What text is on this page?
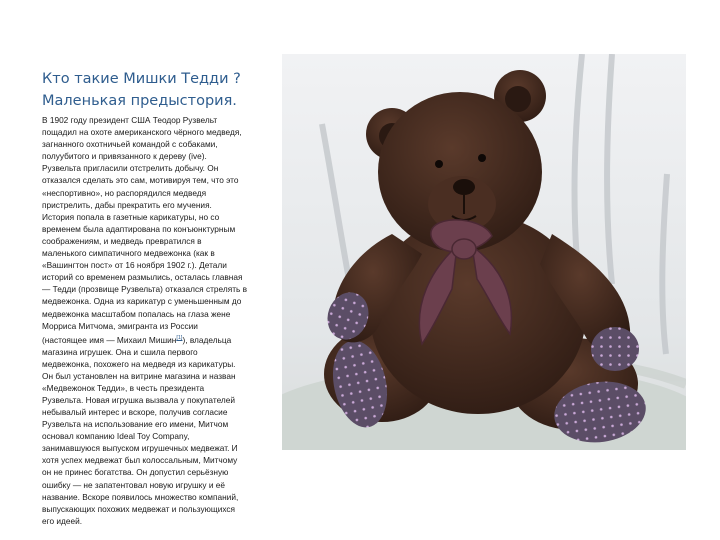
Кто такие Мишки Тедди ?
Маленькая предыстория.
В 1902 году президент США Теодор Рузвельт
пощадил на охоте американского чёрного медведя,
загнанного охотничьей командой с собаками,
полуубитого и привязанного к дереву (ive).
Рузвельта пригласили отстрелить добычу. Он
отказался сделать это сам, мотивируя тем, что это
«неспортивно», но распорядился медведя
пристрелить, дабы прекратить его мучения.
История попала в газетные карикатуры, но со
временем была адаптирована по конъюнктурным
соображениям, и медведь превратился в
маленького симпатичного медвежонка (как в
«Вашингтон пост» от 16 ноября 1902 г.). Детали
историй со временем размылись, осталась главная
— Тедди (прозвище Рузвельта) отказался стрелять в
медвежонка. Одна из карикатур с уменьшенным до
медвежонка масштабом попалась на глаза жене
Морриса Митчома, эмигранта из России
(настоящее имя — Михаил Мишин[1]), владельца
магазина игрушек. Она и сшила первого
медвежонка, похожего на медведя из карикатуры.
Он был установлен на витрине магазина и назван
«Медвежонок Тедди», в честь президента
Рузвельта. Новая игрушка вызвала у покупателей
небывалый интерес и вскоре, получив согласие
Рузвельта на использование его имени, Митчом
основал компанию Ideal Toy Company,
занимавшуюся выпуском игрушечных медвежат. И
хотя успех медвежат был колоссальным, Митчому
он не принес богатства. Он допустил серьёзную
ошибку — не запатентовал новую игрушку и её
название. Вскоре появилось множество компаний,
выпускающих похожих медвежат и пользующихся
его идеей.
